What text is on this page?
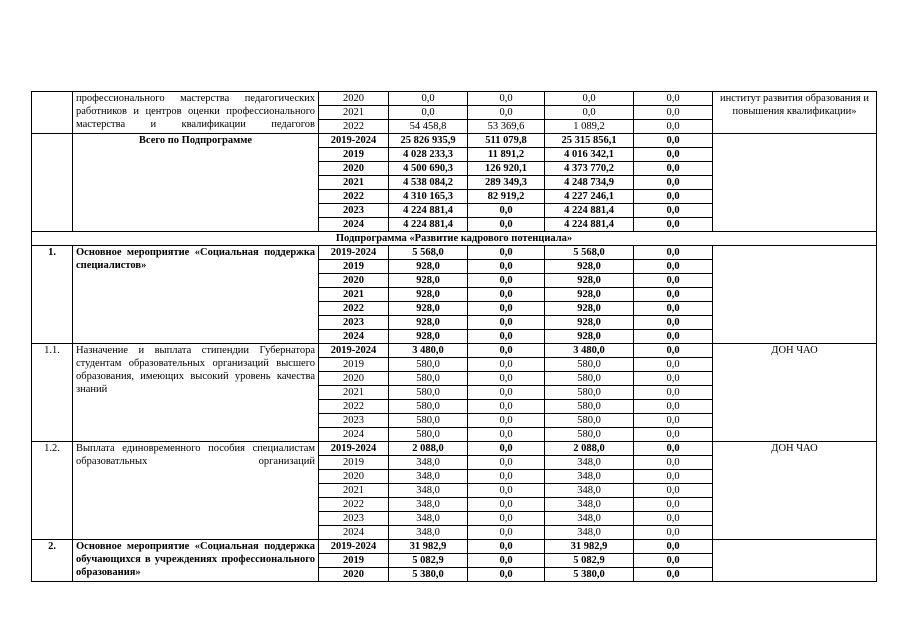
	профессионального мастерства педагогических работников и центров оценки профессионального мастерства и квалификации педагогов	2020	0,0	0,0	0,0	0,0	институт развития образования и повышения квалификации»
		2021	0,0	0,0	0,0	0,0	
		2022	54 458,8	53 369,6	1 089,2	0,0	
	Всего по Подпрограмме	2019-2024	25 826 935,9	511 079,8	25 315 856,1	0,0	
		2019	4 028 233,3	11 891,2	4 016 342,1	0,0	
		2020	4 500 690,3	126 920,1	4 373 770,2	0,0	
		2021	4 538 084,2	289 349,3	4 248 734,9	0,0	
		2022	4 310 165,3	82 919,2	4 227 246,1	0,0	
		2023	4 224 881,4	0,0	4 224 881,4	0,0	
		2024	4 224 881,4	0,0	4 224 881,4	0,0	
Подпрограмма «Развитие кадрового потенциала»							
1.	Основное мероприятие «Социальная поддержка специалистов»	2019-2024	5 568,0	0,0	5 568,0	0,0	
		2019	928,0	0,0	928,0	0,0	
		2020	928,0	0,0	928,0	0,0	
		2021	928,0	0,0	928,0	0,0	
		2022	928,0	0,0	928,0	0,0	
		2023	928,0	0,0	928,0	0,0	
		2024	928,0	0,0	928,0	0,0	
1.1.	Назначение и выплата стипендии Губернатора студентам образовательных организаций высшего образования, имеющих высокий уровень качества знаний	2019-2024	3 480,0	0,0	3 480,0	0,0	ДОН ЧАО
		2019	580,0	0,0	580,0	0,0	
		2020	580,0	0,0	580,0	0,0	
		2021	580,0	0,0	580,0	0,0	
		2022	580,0	0,0	580,0	0,0	
		2023	580,0	0,0	580,0	0,0	
		2024	580,0	0,0	580,0	0,0	
1.2.	Выплата единовременного пособия специалистам образоватльных организаций	2019-2024	2 088,0	0,0	2 088,0	0,0	ДОН ЧАО
		2019	348,0	0,0	348,0	0,0	
		2020	348,0	0,0	348,0	0,0	
		2021	348,0	0,0	348,0	0,0	
		2022	348,0	0,0	348,0	0,0	
		2023	348,0	0,0	348,0	0,0	
		2024	348,0	0,0	348,0	0,0	
2.	Основное мероприятие «Социальная поддержка обучающихся в учреждениях профессионального образования»	2019-2024	31 982,9	0,0	31 982,9	0,0	
		2019	5 082,9	0,0	5 082,9	0,0	
		2020	5 380,0	0,0	5 380,0	0,0	
